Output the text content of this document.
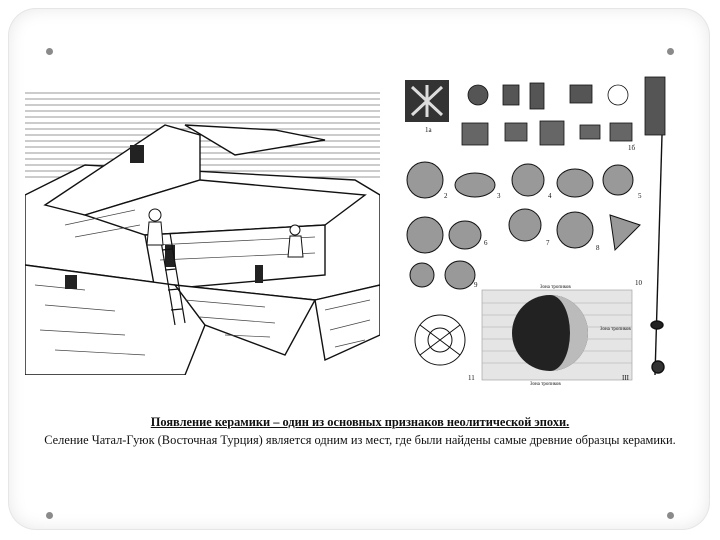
1а
1б
2	3	4	5
6	7
8
9	10
11	III
Зона тропиков
Зона тропиков
Зона тропиков
Появление керамики – один из основных признаков неолитической эпохи.
Селение Чатал-Гуюк (Восточная Турция) является одним из мест, где были найдены самые древние образцы керамики.
